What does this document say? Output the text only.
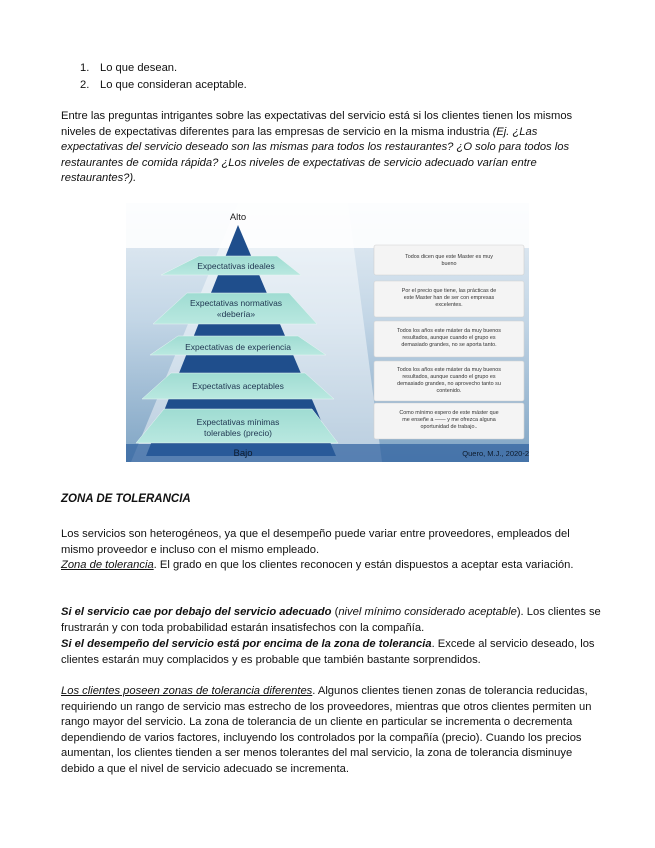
1. Lo que desean.
2. Lo que consideran aceptable.

Entre las preguntas intrigantes sobre las expectativas del servicio está si los clientes tienen los mismos niveles de expectativas diferentes para las empresas de servicio en la misma industria (Ej. ¿Las expectativas del servicio deseado son las mismas para todos los restaurantes? ¿O solo para todos los restaurantes de comida rápida? ¿Los niveles de expectativas de servicio adecuado varían entre restaurantes?).

Alto
Expectativas ideales
Expectativas normativas
«debería»
Expectativas de experiencia
Expectativas aceptables
Expectativas mínimas
tolerables (precio)
Bajo
Todos dicen que este Master es muy
bueno
Por el precio que tiene, las prácticas de
este Master han de ser con empresas
excelentes.
Todos los años este máster da muy buenos
resultados, aunque cuando el grupo es
demasiado grandes, no se aporta tanto.
Todos los años este máster da muy buenos
resultados, aunque cuando el grupo es
demasiado grandes, no aprovecho tanto su
contenido.
Como mínimo espero de este máster que
me enseñe a —— y me ofrezca alguna
oportunidad de trabajo..
Quero, M.J., 2020-2

ZONA DE TOLERANCIA

Los servicios son heterogéneos, ya que el desempeño puede variar entre proveedores, empleados del mismo proveedor e incluso con el mismo empleado.

Zona de tolerancia. El grado en que los clientes reconocen y están dispuestos a aceptar esta variación.

Si el servicio cae por debajo del servicio adecuado (nivel mínimo considerado aceptable). Los clientes se frustrarán y con toda probabilidad estarán insatisfechos con la compañía.

Si el desempeño del servicio está por encima de la zona de tolerancia. Excede al servicio deseado, los clientes estarán muy complacidos y es probable que también bastante sorprendidos.

Los clientes poseen zonas de tolerancia diferentes. Algunos clientes tienen zonas de tolerancia reducidas, requiriendo un rango de servicio mas estrecho de los proveedores, mientras que otros clientes permiten un rango mayor del servicio. La zona de tolerancia de un cliente en particular se incrementa o decrementa dependiendo de varios factores, incluyendo los controlados por la compañía (precio). Cuando los precios aumentan, los clientes tienden a ser menos tolerantes del mal servicio, la zona de tolerancia disminuye debido a que el nivel de servicio adecuado se incrementa.
